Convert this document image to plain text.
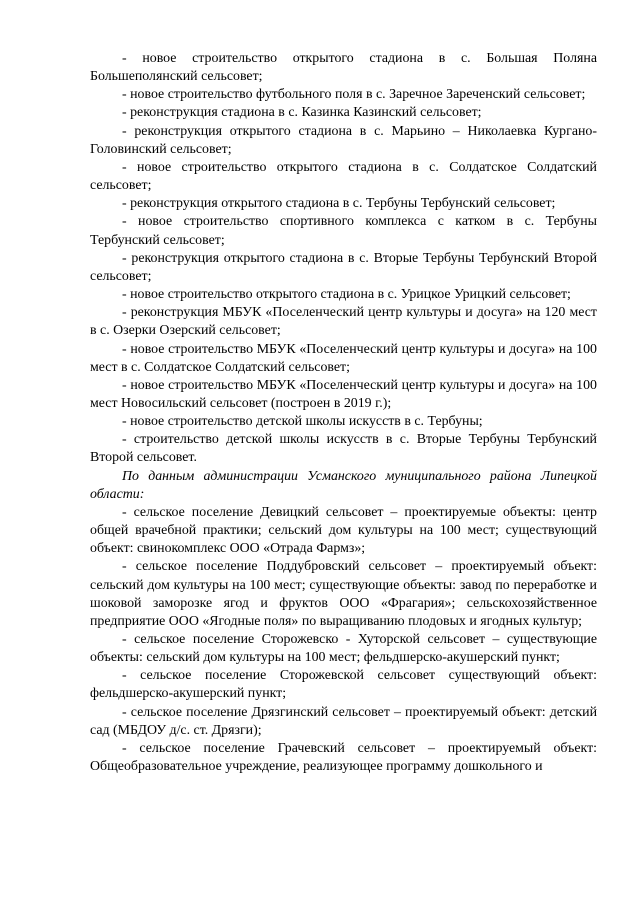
- новое строительство открытого стадиона в с. Большая Поляна Большеполянский сельсовет;

- новое строительство футбольного поля в с. Заречное Зареченский сельсовет;

- реконструкция стадиона в с. Казинка Казинский сельсовет;

- реконструкция открытого стадиона в с. Марьино – Николаевка Кургано-Головинский сельсовет;

- новое строительство открытого стадиона в с. Солдатское Солдатский сельсовет;

- реконструкция открытого стадиона в с. Тербуны Тербунский сельсовет;

- новое строительство спортивного комплекса с катком в с. Тербуны Тербунский сельсовет;

- реконструкция открытого стадиона в с. Вторые Тербуны Тербунский Второй сельсовет;

- новое строительство открытого стадиона в с. Урицкое Урицкий сельсовет;

- реконструкция МБУК «Поселенческий центр культуры и досуга» на 120 мест в с. Озерки Озерский сельсовет;

- новое строительство МБУК «Поселенческий центр культуры и досуга» на 100 мест в с. Солдатское Солдатский сельсовет;

- новое строительство МБУК «Поселенческий центр культуры и досуга» на 100 мест Новосильский сельсовет (построен в 2019 г.);

- новое строительство детской школы искусств в с. Тербуны;

- строительство детской школы искусств в с. Вторые Тербуны Тербунский Второй сельсовет.

По данным администрации Усманского муниципального района Липецкой области:

- сельское поселение Девицкий сельсовет – проектируемые объекты: центр общей врачебной практики; сельский дом культуры на 100 мест; существующий объект: свинокомплекс ООО «Отрада Фармз»;

- сельское поселение Поддубровский сельсовет – проектируемый объект: сельский дом культуры на 100 мест; существующие объекты: завод по переработке и шоковой заморозке ягод и фруктов ООО «Фрагария»; сельскохозяйственное предприятие ООО «Ягодные поля» по выращиванию плодовых и ягодных культур;

- сельское поселение Сторожевско - Хуторской сельсовет – существующие объекты: сельский дом культуры на 100 мест; фельдшерско-акушерский пункт;

- сельское поселение Сторожевской сельсовет существующий объект: фельдшерско-акушерский пункт;

- сельское поселение Дрязгинский сельсовет – проектируемый объект: детский сад (МБДОУ д/с. ст. Дрязги);

- сельское поселение Грачевский сельсовет – проектируемый объект: Общеобразовательное учреждение, реализующее программу дошкольного и
